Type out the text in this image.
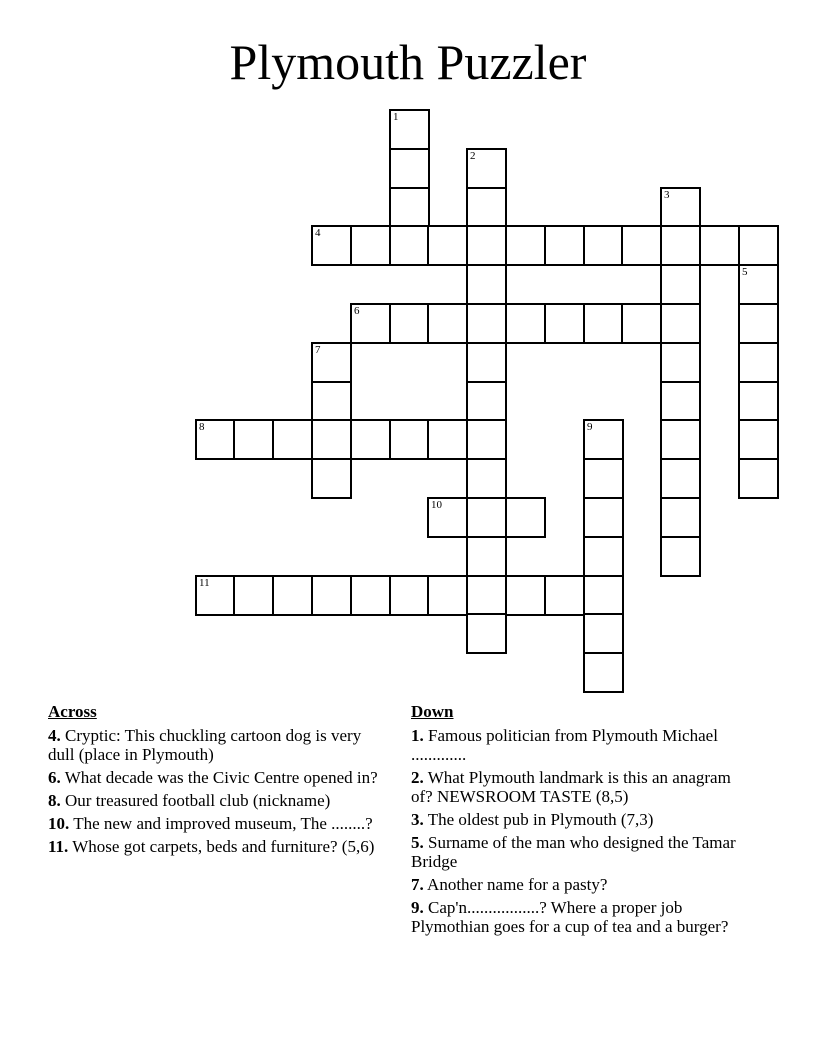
Plymouth Puzzler
1
2
3
4
5
6
7
8	9
10
11
Across
4. Cryptic: This chuckling cartoon dog is very dull (place in Plymouth)
6. What decade was the Civic Centre opened in?
8. Our treasured football club (nickname)
10. The new and improved museum, The ........?
11. Whose got carpets, beds and furniture? (5,6)
Down
1. Famous politician from Plymouth Michael .............
2. What Plymouth landmark is this an anagram of? NEWSROOM TASTE (8,5)
3. The oldest pub in Plymouth (7,3)
5. Surname of the man who designed the Tamar Bridge
7. Another name for a pasty?
9. Cap'n.................? Where a proper job Plymothian goes for a cup of tea and a burger?
